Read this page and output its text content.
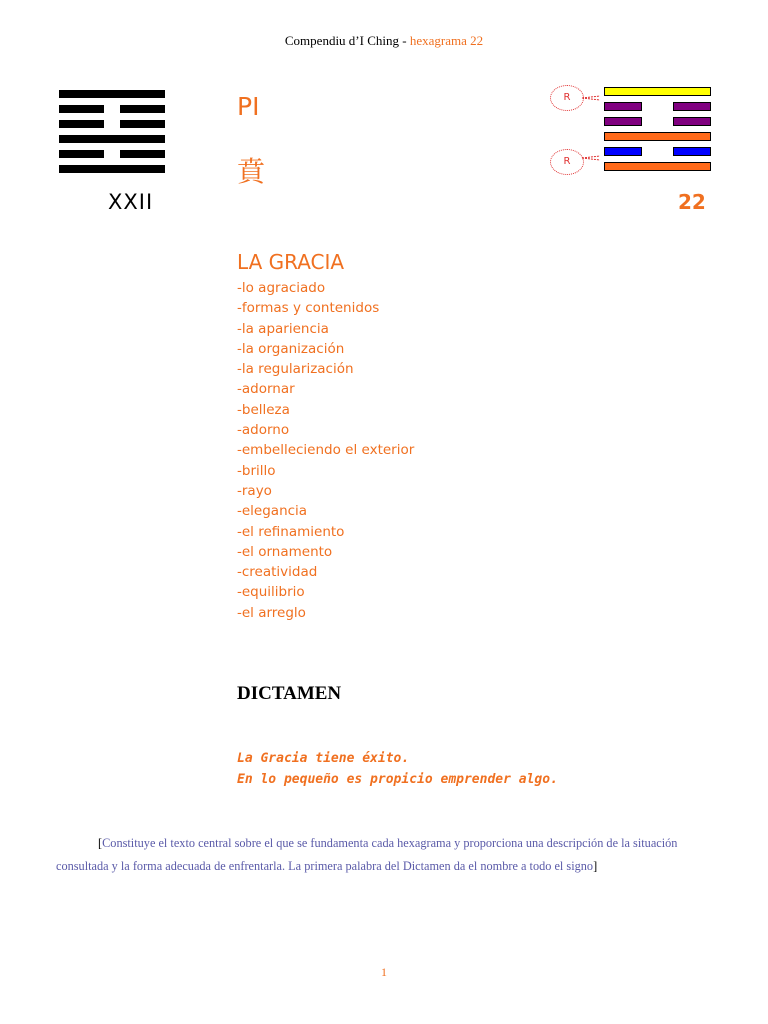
Compendiu d’I Ching - hexagrama 22
XXII
PI
賁
22
R
R
LA GRACIA
-lo agraciado
-formas y contenidos
-la apariencia
-la organización
-la regularización
-adornar
-belleza
-adorno
-embelleciendo el exterior
-brillo
-rayo
-elegancia
-el refinamiento
-el ornamento
-creatividad
-equilibrio
-el arreglo
DICTAMEN
La Gracia tiene éxito.
En lo pequeño es propicio emprender algo.
[Constituye el texto central sobre el que se fundamenta cada hexagrama y proporciona una descripción de la situación consultada y la forma adecuada de enfrentarla. La primera palabra del Dictamen da el nombre a todo el signo]
1
